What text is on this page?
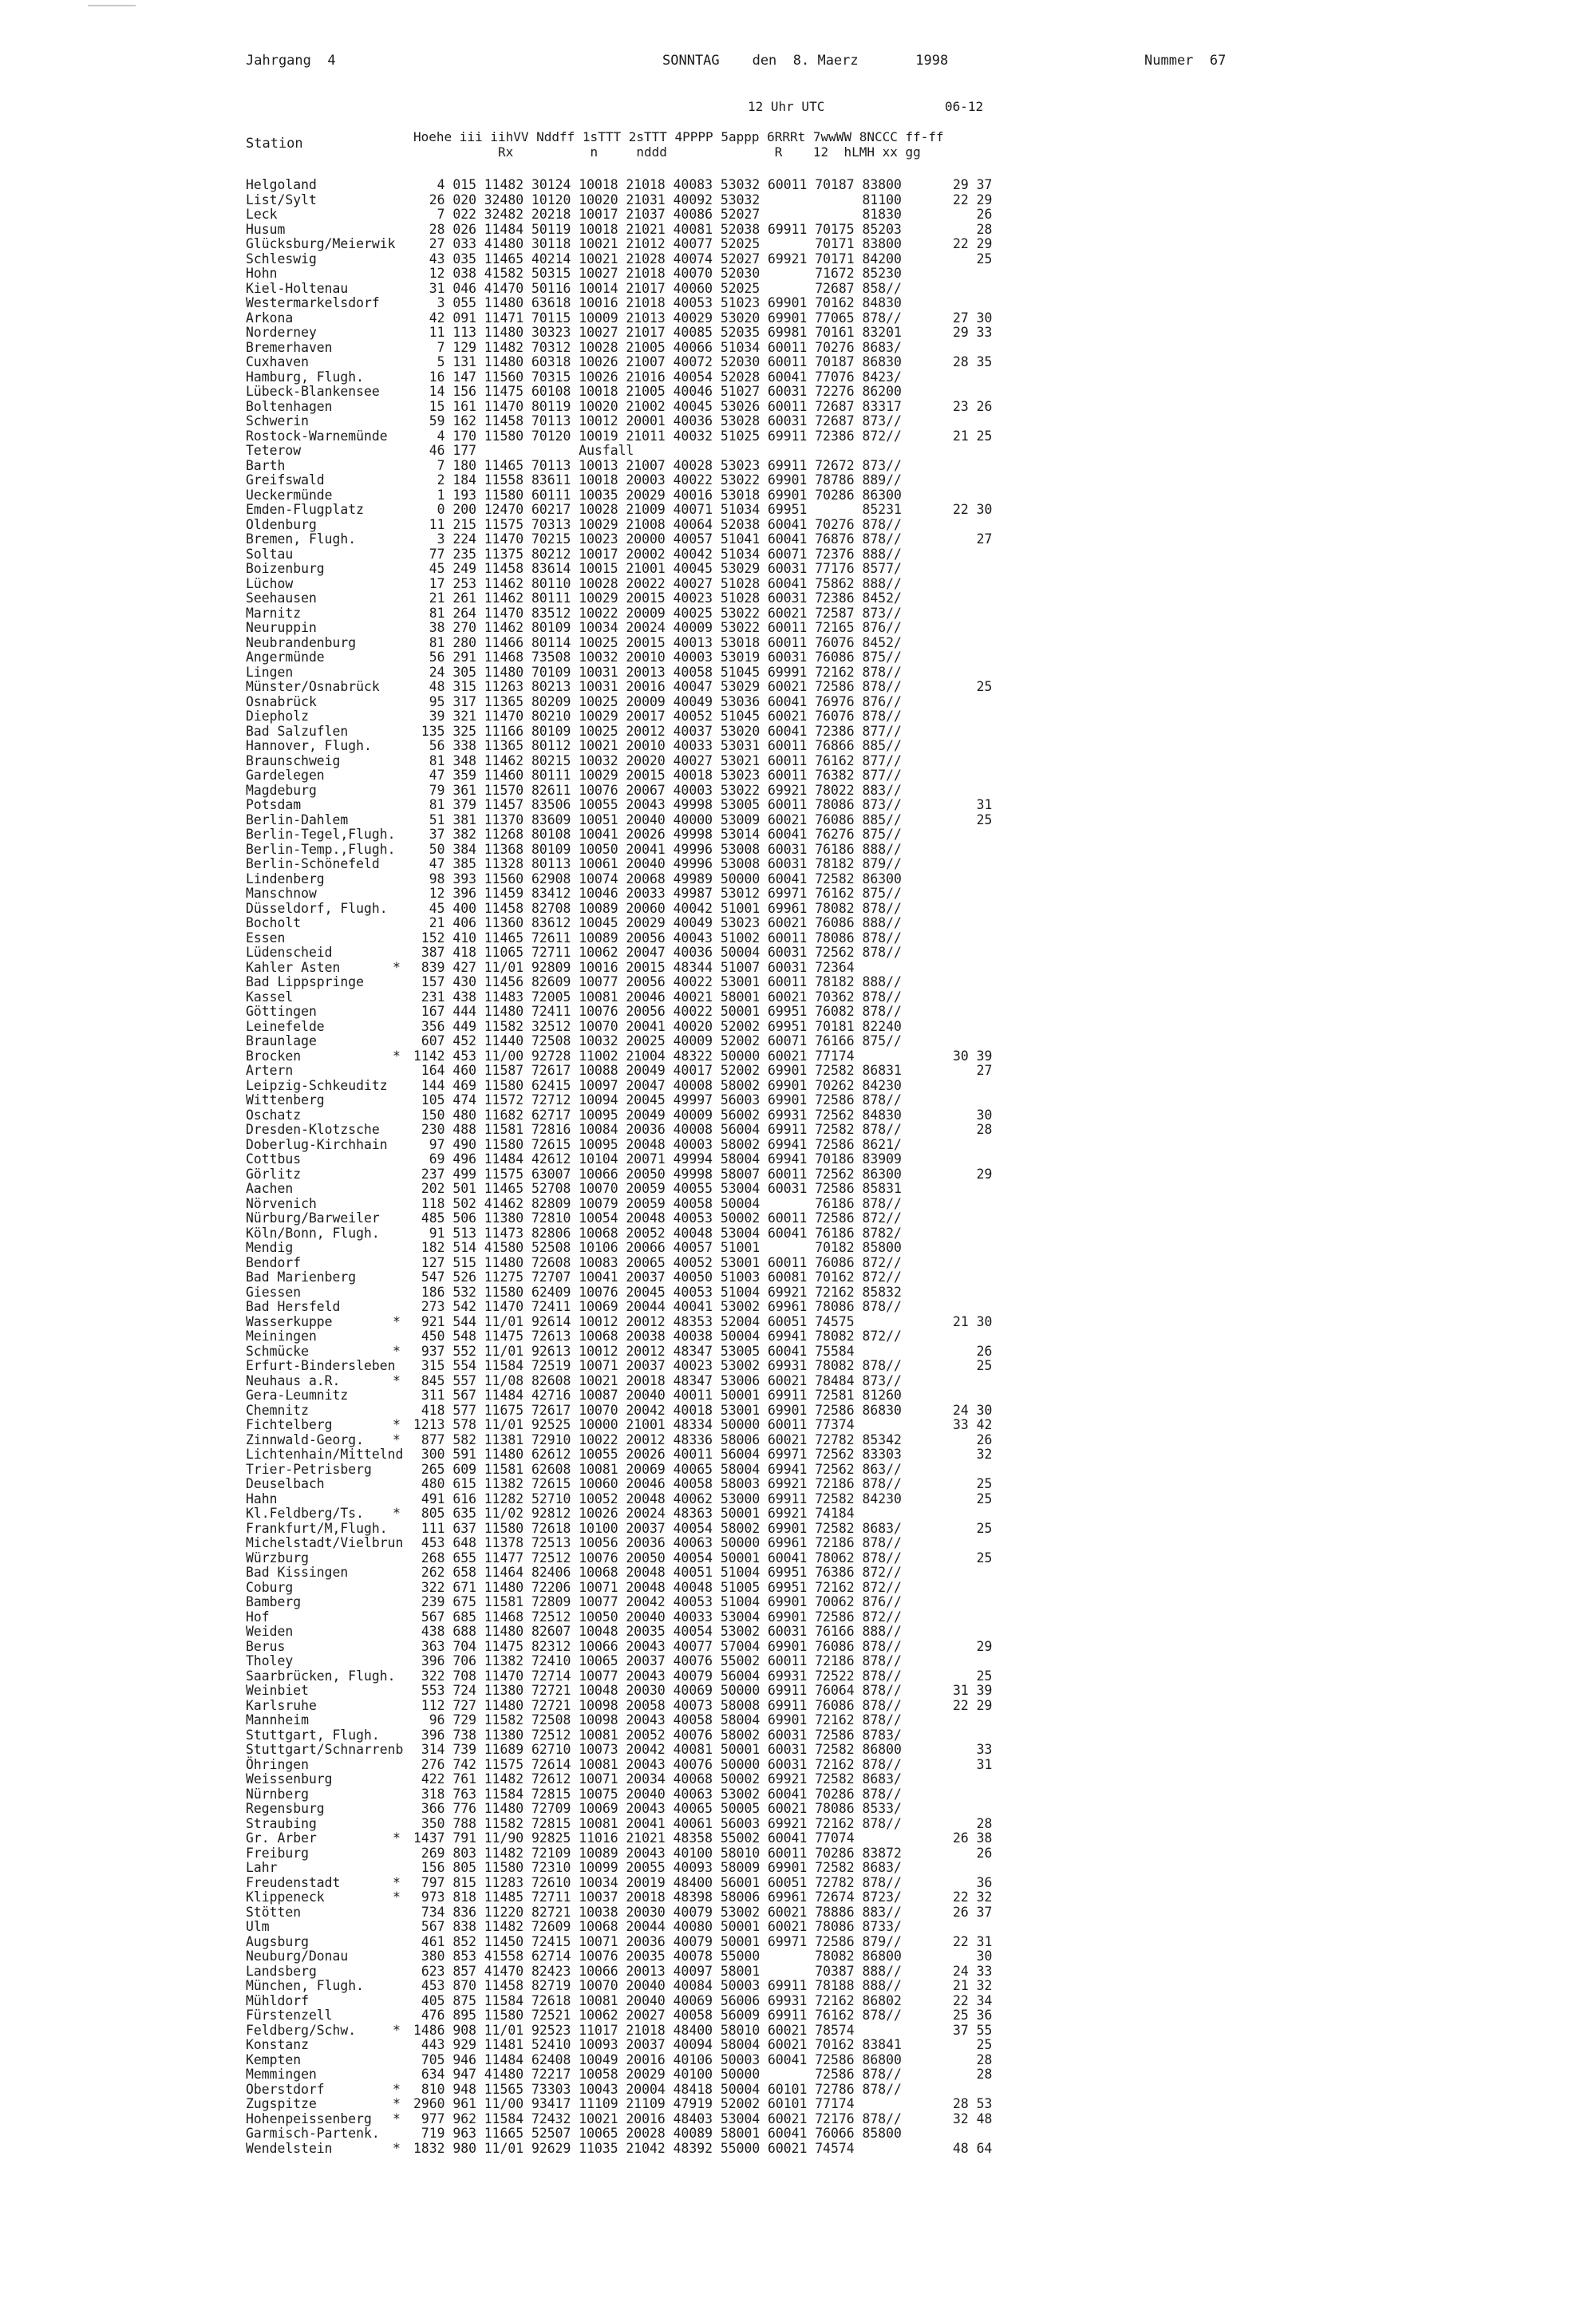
Jahrgang  4	SONNTAG    den  8. Maerz       1998	Nummer  67
12 Uhr UTC	06-12
Station	Hoehe iii iihVV Nddff 1sTTT 2sTTT 4PPPP 5appp 6RRRt 7wwWW 8NCCC ff-ff
Rx          n     nddd              R    12  hLMH xx gg
Helgoland	4 015 11482 30124 10018 21018 40083 53032 60011 70187 83800	29 37
List/Sylt	26 020 32480 10120 10020 21031 40092 53032             81100	22 29
Leck	7 022 32482 20218 10017 21037 40086 52027             81830	26
Husum	28 026 11484 50119 10018 21021 40081 52038 69911 70175 85203	28
Glücksburg/Meierwik 27 033 41480 30118 10021 21012 40077 52025       70171 83800	22 29
Schleswig	43 035 11465 40214 10021 21028 40074 52027 69921 70171 84200	25
Hohn	12 038 41582 50315 10027 21018 40070 52030       71672 85230
Kiel-Holtenau	31 046 41470 50116 10014 21017 40060 52025       72687 858//
Westermarkelsdorf	3 055 11480 63618 10016 21018 40053 51023 69901 70162 84830
Arkona	42 091 11471 70115 10009 21013 40029 53020 69901 77065 878//	27 30
Norderney	11 113 11480 30323 10027 21017 40085 52035 69981 70161 83201	29 33
Bremerhaven	7 129 11482 70312 10028 21005 40066 51034 60011 70276 8683/
Cuxhaven	5 131 11480 60318 10026 21007 40072 52030 60011 70187 86830	28 35
Hamburg, Flugh.	16 147 11560 70315 10026 21016 40054 52028 60041 77076 8423/
Lübeck-Blankensee	14 156 11475 60108 10018 21005 40046 51027 60031 72276 86200
Boltenhagen	15 161 11470 80119 10020 21002 40045 53026 60011 72687 83317	23 26
Schwerin	59 162 11458 70113 10012 20001 40036 53028 60031 72687 873//
Rostock-Warnemünde 4 170 11580 70120 10019 21011 40032 51025 69911 72386 872//	21 25
Teterow	46 177             Ausfall
Barth	7 180 11465 70113 10013 21007 40028 53023 69911 72672 873//
Greifswald	2 184 11558 83611 10018 20003 40022 53022 69901 78786 889//
Ueckermünde	1 193 11580 60111 10035 20029 40016 53018 69901 70286 86300
Emden-Flugplatz	0 200 12470 60217 10028 21009 40071 51034 69951       85231	22 30
Oldenburg	11 215 11575 70313 10029 21008 40064 52038 60041 70276 878//
Bremen, Flugh.	3 224 11470 70215 10023 20000 40057 51041 60041 76876 878//	27
Soltau	77 235 11375 80212 10017 20002 40042 51034 60071 72376 888//
Boizenburg	45 249 11458 83614 10015 21001 40045 53029 60031 77176 8577/
Lüchow	17 253 11462 80110 10028 20022 40027 51028 60041 75862 888//
Seehausen	21 261 11462 80111 10029 20015 40023 51028 60031 72386 8452/
Marnitz	81 264 11470 83512 10022 20009 40025 53022 60021 72587 873//
Neuruppin	38 270 11462 80109 10034 20024 40009 53022 60011 72165 876//
Neubrandenburg	81 280 11466 80114 10025 20015 40013 53018 60011 76076 8452/
Angermünde	56 291 11468 73508 10032 20010 40003 53019 60031 76086 875//
Lingen	24 305 11480 70109 10031 20013 40058 51045 69991 72162 878//
Münster/Osnabrück	48 315 11263 80213 10031 20016 40047 53029 60021 72586 878//	25
Osnabrück	95 317 11365 80209 10025 20009 40049 53036 60041 76976 876//
Diepholz	39 321 11470 80210 10029 20017 40052 51045 60021 76076 878//
Bad Salzuflen	135 325 11166 80109 10025 20012 40037 53020 60041 72386 877//
Hannover, Flugh.	56 338 11365 80112 10021 20010 40033 53031 60011 76866 885//
Braunschweig	81 348 11462 80215 10032 20020 40027 53021 60011 76162 877//
Gardelegen	47 359 11460 80111 10029 20015 40018 53023 60011 76382 877//
Magdeburg	79 361 11570 82611 10076 20067 40003 53022 69921 78022 883//
Potsdam	81 379 11457 83506 10055 20043 49998 53005 60011 78086 873//	31
Berlin-Dahlem	51 381 11370 83609 10051 20040 40000 53009 60021 76086 885//	25
Berlin-Tegel,Flugh. 37 382 11268 80108 10041 20026 49998 53014 60041 76276 875//
Berlin-Temp.,Flugh. 50 384 11368 80109 10050 20041 49996 53008 60031 76186 888//
Berlin-Schönefeld	47 385 11328 80113 10061 20040 49996 53008 60031 78182 879//
Lindenberg	98 393 11560 62908 10074 20068 49989 50000 60041 72582 86300
Manschnow	12 396 11459 83412 10046 20033 49987 53012 69971 76162 875//
Düsseldorf, Flugh. 45 400 11458 82708 10089 20060 40042 51001 69961 78082 878//
Bocholt	21 406 11360 83612 10045 20029 40049 53023 60021 76086 888//
Essen	152 410 11465 72611 10089 20056 40043 51002 60011 78086 878//
Lüdenscheid	387 418 11065 72711 10062 20047 40036 50004 60031 72562 878//
Kahler Asten	* 839 427 11/01 92809 10016 20015 48344 51007 60031 72364
Bad Lippspringe	157 430 11456 82609 10077 20056 40022 53001 60011 78182 888//
Kassel	231 438 11483 72005 10081 20046 40021 58001 60021 70362 878//
Göttingen	167 444 11480 72411 10076 20056 40022 50001 69951 76082 878//
Leinefelde	356 449 11582 32512 10070 20041 40020 52002 69951 70181 82240
Braunlage	607 452 11440 72508 10032 20025 40009 52002 60071 76166 875//
Brocken	* 1142 453 11/00 92728 11002 21004 48322 50000 60021 77174	30 39
Artern	164 460 11587 72617 10088 20049 40017 52002 69901 72582 86831	27
Leipzig-Schkeuditz 144 469 11580 62415 10097 20047 40008 58002 69901 70262 84230
Wittenberg	105 474 11572 72712 10094 20045 49997 56003 69901 72586 878//
Oschatz	150 480 11682 62717 10095 20049 40009 56002 69931 72562 84830	30
Dresden-Klotzsche	230 488 11581 72816 10084 20036 40008 56004 69911 72582 878//	28
Doberlug-Kirchhain 97 490 11580 72615 10095 20048 40003 58002 69941 72586 8621/
Cottbus	69 496 11484 42612 10104 20071 49994 58004 69941 70186 83909
Görlitz	237 499 11575 63007 10066 20050 49998 58007 60011 72562 86300	29
Aachen	202 501 11465 52708 10070 20059 40055 53004 60031 72586 85831
Nörvenich	118 502 41462 82809 10079 20059 40058 50004       76186 878//
Nürburg/Barweiler	485 506 11380 72810 10054 20048 40053 50002 60011 72586 872//
Köln/Bonn, Flugh.	91 513 11473 82806 10068 20052 40048 53004 60041 76186 8782/
Mendig	182 514 41580 52508 10106 20066 40057 51001       70182 85800
Bendorf	127 515 11480 72608 10083 20065 40052 53001 60011 76086 872//
Bad Marienberg	547 526 11275 72707 10041 20037 40050 51003 60081 70162 872//
Giessen	186 532 11580 62409 10076 20045 40053 51004 69921 72162 85832
Bad Hersfeld	273 542 11470 72411 10069 20044 40041 53002 69961 78086 878//
Wasserkuppe	* 921 544 11/01 92614 10012 20012 48353 52004 60051 74575	21 30
Meiningen	450 548 11475 72613 10068 20038 40038 50004 69941 78082 872//
Schmücke	* 937 552 11/01 92613 10012 20012 48347 53005 60041 75584	26
Erfurt-Bindersleben 315 554 11584 72519 10071 20037 40023 53002 69931 78082 878//	25
Neuhaus a.R.	* 845 557 11/08 82608 10021 20018 48347 53006 60021 78484 873//
Gera-Leumnitz	311 567 11484 42716 10087 20040 40011 50001 69911 72581 81260
Chemnitz	418 577 11675 72617 10070 20042 40018 53001 69901 72586 86830	24 30
Fichtelberg	* 1213 578 11/01 92525 10000 21001 48334 50000 60011 77374	33 42
Zinnwald-Georg. * 877 582 11381 72910 10022 20012 48336 58006 60021 72782 85342	26
Lichtenhain/Mittelnd 300 591 11480 62612 10055 20026 40011 56004 69971 72562 83303	32
Trier-Petrisberg	265 609 11581 62608 10081 20069 40065 58004 69941 72562 863//
Deuselbach	480 615 11382 72615 10060 20046 40058 58003 69921 72186 878//	25
Hahn	491 616 11282 52710 10052 20048 40062 53000 69911 72582 84230	25
Kl.Feldberg/Ts. * 805 635 11/02 92812 10026 20024 48363 50001 69921 74184
Frankfurt/M,Flugh. 111 637 11580 72618 10100 20037 40054 58002 69901 72582 8683/	25
Michelstadt/Vielbrun 453 648 11378 72513 10056 20036 40063 50000 69961 72186 878//
Würzburg	268 655 11477 72512 10076 20050 40054 50001 60041 78062 878//	25
Bad Kissingen	262 658 11464 82406 10068 20048 40051 51004 69951 76386 872//
Coburg	322 671 11480 72206 10071 20048 40048 51005 69951 72162 872//
Bamberg	239 675 11581 72809 10077 20042 40053 51004 69901 70062 876//
Hof	567 685 11468 72512 10050 20040 40033 53004 69901 72586 872//
Weiden	438 688 11480 82607 10048 20035 40054 53002 60031 76166 888//
Berus	363 704 11475 82312 10066 20043 40077 57004 69901 76086 878//	29
Tholey	396 706 11382 72410 10065 20037 40076 55002 60011 72186 878//
Saarbrücken, Flugh. 322 708 11470 72714 10077 20043 40079 56004 69931 72522 878//	25
Weinbiet	553 724 11380 72721 10048 20030 40069 50000 69911 76064 878//	31 39
Karlsruhe	112 727 11480 72721 10098 20058 40073 58008 69911 76086 878//	22 29
Mannheim	96 729 11582 72508 10098 20043 40058 58004 69901 72162 878//
Stuttgart, Flugh.	396 738 11380 72512 10081 20052 40076 58002 60031 72586 8783/
Stuttgart/Schnarrenb 314 739 11689 62710 10073 20042 40081 50001 60031 72582 86800	33
Öhringen	276 742 11575 72614 10081 20043 40076 50000 60031 72162 878//	31
Weissenburg	422 761 11482 72612 10071 20034 40068 50002 69921 72582 8683/
Nürnberg	318 763 11584 72815 10075 20040 40063 53002 60041 70286 878//
Regensburg	366 776 11480 72709 10069 20043 40065 50005 60021 78086 8533/
Straubing	350 788 11582 72815 10081 20041 40061 56003 69921 72162 878//	28
Gr. Arber	* 1437 791 11/90 92825 11016 21021 48358 55002 60041 77074	26 38
Freiburg	269 803 11482 72109 10089 20043 40100 58010 60011 70286 83872	26
Lahr	156 805 11580 72310 10099 20055 40093 58009 69901 72582 8683/
Freudenstadt	* 797 815 11283 72610 10034 20019 48400 56001 60051 72782 878//	36
Klippeneck	* 973 818 11485 72711 10037 20018 48398 58006 69961 72674 8723/	22 32
Stötten	734 836 11220 82721 10038 20030 40079 53002 60021 78886 883//	26 37
Ulm	567 838 11482 72609 10068 20044 40080 50001 60021 78086 8733/
Augsburg	461 852 11450 72415 10071 20036 40079 50001 69971 72586 879//	22 31
Neuburg/Donau	380 853 41558 62714 10076 20035 40078 55000       78082 86800	30
Landsberg	623 857 41470 82423 10066 20013 40097 58001       70387 888//	24 33
München, Flugh.	453 870 11458 82719 10070 20040 40084 50003 69911 78188 888//	21 32
Mühldorf	405 875 11584 72618 10081 20040 40069 56006 69931 72162 86802	22 34
Fürstenzell	476 895 11580 72521 10062 20027 40058 56009 69911 76162 878//	25 36
Feldberg/Schw.	* 1486 908 11/01 92523 11017 21018 48400 58010 60021 78574	37 55
Konstanz	443 929 11481 52410 10093 20037 40094 58004 60021 70162 83841	25
Kempten	705 946 11484 62408 10049 20016 40106 50003 60041 72586 86800	28
Memmingen	634 947 41480 72217 10058 20029 40100 50000       72586 878//	28
Oberstdorf	* 810 948 11565 73303 10043 20004 48418 50004 60101 72786 878//
Zugspitze	* 2960 961 11/00 93417 11109 21109 47919 52002 60101 77174	28 53
Hohenpeissenberg * 977 962 11584 72432 10021 20016 48403 53004 60021 72176 878//	32 48
Garmisch-Partenk.	719 963 11665 52507 10065 20028 40089 58001 60041 76066 85800
Wendelstein	* 1832 980 11/01 92629 11035 21042 48392 55000 60021 74574	48 64
